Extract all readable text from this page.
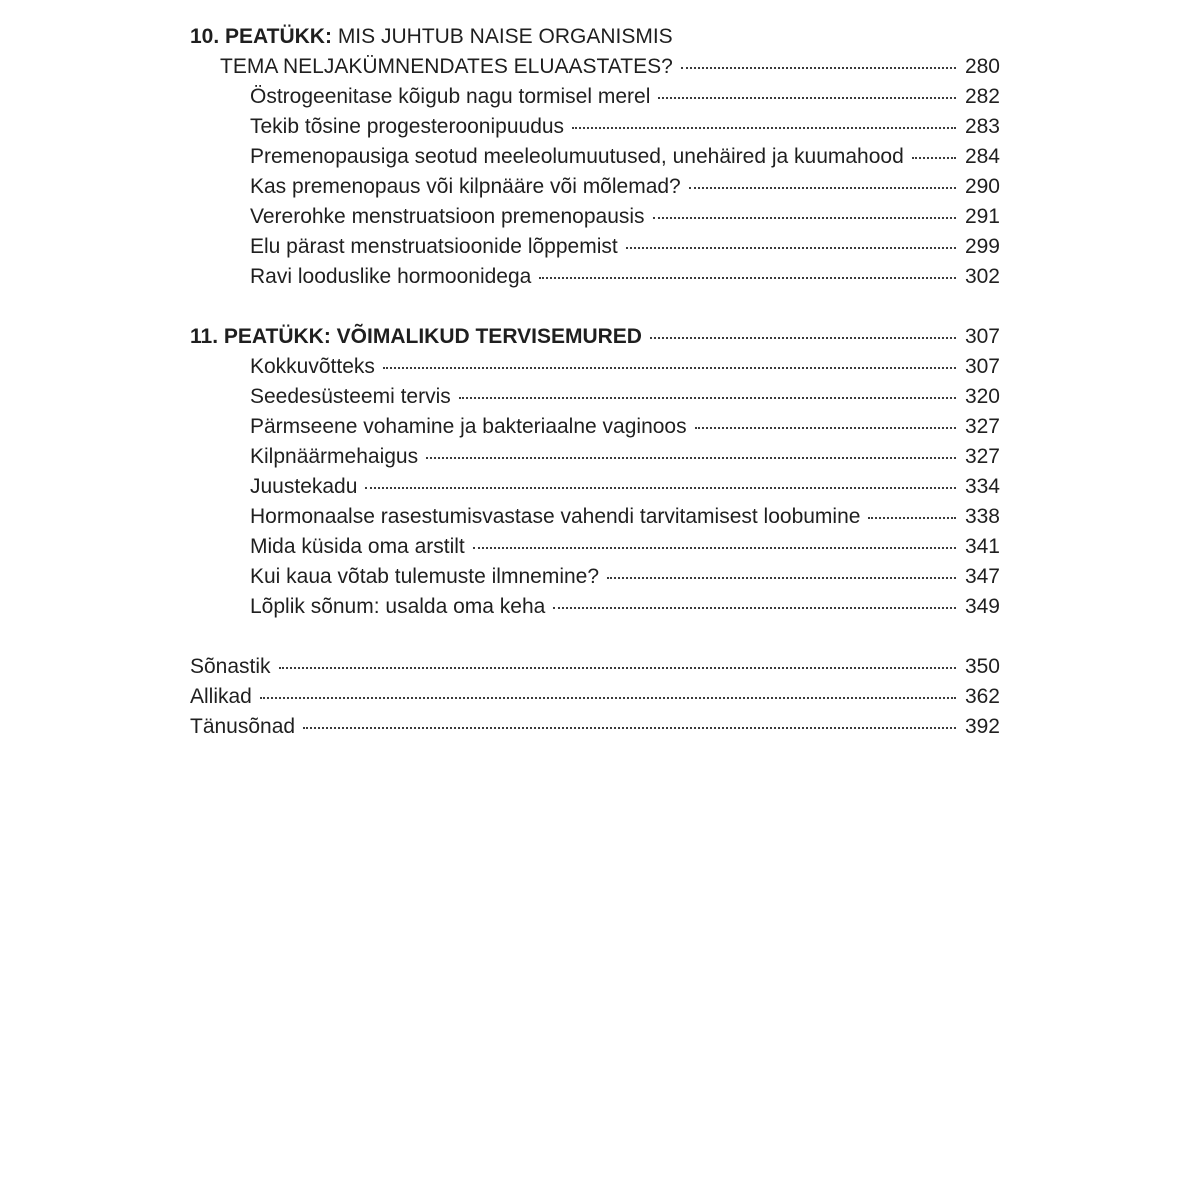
10. PEATÜKK: MIS JUHTUB NAISE ORGANISMIS
TEMA NELJAKÜMNENDATES ELUAASTATES?	280
Östrogeenitase kõigub nagu tormisel merel	282
Tekib tõsine progesteroonipuudus	283
Premenopausiga seotud meeleolumuutused, unehäired ja kuumahood	284
Kas premenopaus või kilpnääre või mõlemad?	290
Vererohke menstruatsioon premenopausis	291
Elu pärast menstruatsioonide lõppemist	299
Ravi looduslike hormoonidega	302
11. PEATÜKK: VÕIMALIKUD TERVISEMURED	307
Kokkuvõtteks	307
Seedesüsteemi tervis	320
Pärmseene vohamine ja bakteriaalne vaginoos	327
Kilpnäärmehaigus	327
Juustekadu	334
Hormonaalse rasestumisvastase vahendi tarvitamisest loobumine	338
Mida küsida oma arstilt	341
Kui kaua võtab tulemuste ilmnemine?	347
Lõplik sõnum: usalda oma keha	349
Sõnastik	350
Allikad	362
Tänusõnad	392
